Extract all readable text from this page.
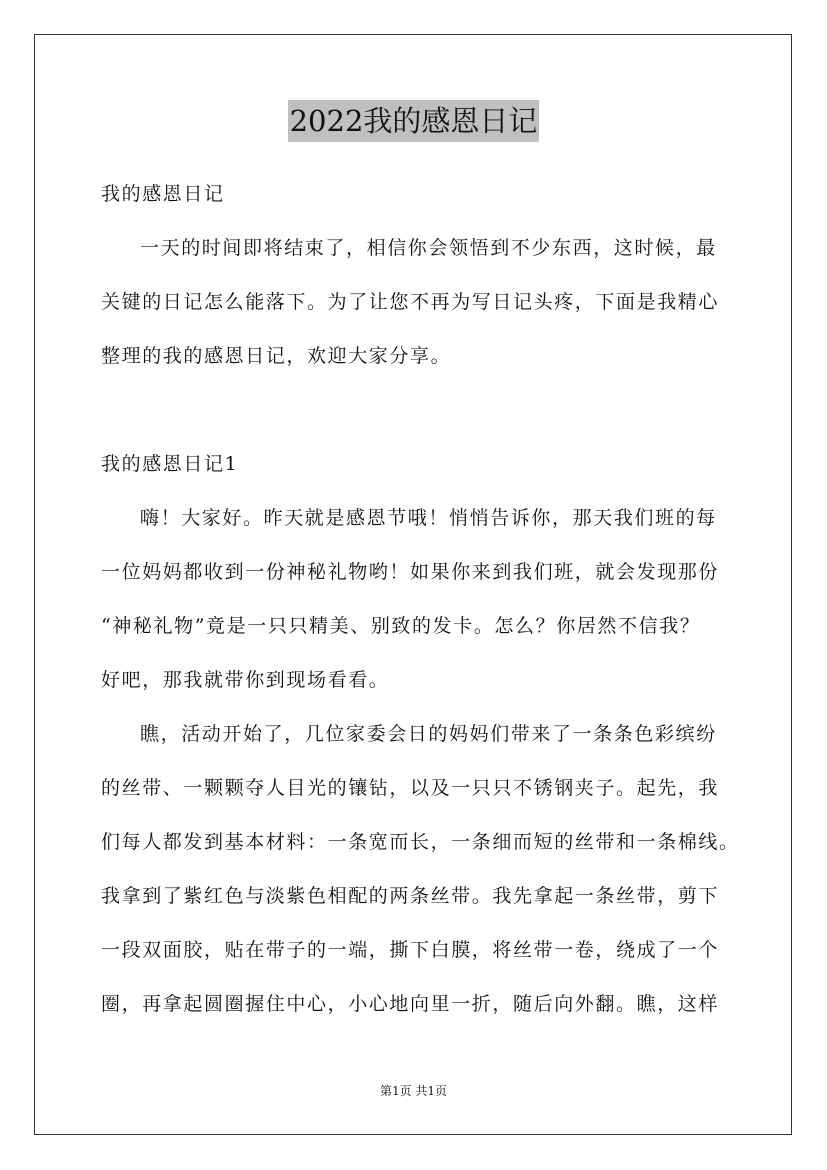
2022我的感恩日记
我的感恩日记
一天的时间即将结束了，相信你会领悟到不少东西，这时候，最
关键的日记怎么能落下。为了让您不再为写日记头疼，下面是我精心
整理的我的感恩日记，欢迎大家分享。
我的感恩日记1
嗨！大家好。昨天就是感恩节哦！悄悄告诉你，那天我们班的每
一位妈妈都收到一份神秘礼物哟！如果你来到我们班，就会发现那份
“神秘礼物”竟是一只只精美、别致的发卡。怎么？你居然不信我？
好吧，那我就带你到现场看看。
瞧，活动开始了，几位家委会日的妈妈们带来了一条条色彩缤纷
的丝带、一颗颗夺人目光的镶钻，以及一只只不锈钢夹子。起先，我
们每人都发到基本材料：一条宽而长，一条细而短的丝带和一条棉线。
我拿到了紫红色与淡紫色相配的两条丝带。我先拿起一条丝带，剪下
一段双面胶，贴在带子的一端，撕下白膜，将丝带一卷，绕成了一个
圈，再拿起圆圈握住中心，小心地向里一折，随后向外翻。瞧，这样
第1页 共1页
